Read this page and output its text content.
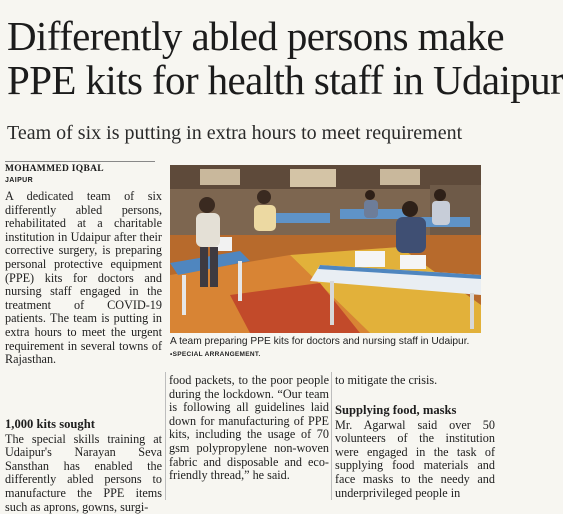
Differently abled persons make
PPE kits for health staff in Udaipur
Team of six is putting in extra hours to meet requirement
MOHAMMED IQBAL
JAIPUR
A dedicated team of six differently abled persons, rehabilitated at a charitable institution in Udaipur after their corrective surgery, is preparing personal protective equipment (PPE) kits for doctors and nursing staff engaged in the treatment of COVID-19 patients. The team is putting in extra hours to meet the urgent requirement in several towns of Rajasthan.
1,000 kits sought
The special skills training at Udaipur's Narayan Seva Sansthan has enabled the differently abled persons to manufacture the PPE items such as aprons, gowns, surgi-
A team preparing PPE kits for doctors and nursing staff in Udaipur. •SPECIAL ARRANGEMENT.
food packets, to the poor people during the lockdown. “Our team is following all guidelines laid down for manufacturing of PPE kits, including the usage of 70 gsm polypropylene non-woven fabric and disposable and eco-friendly thread,” he said.
to mitigate the crisis.
Supplying food, masks
Mr. Agarwal said over 50 volunteers of the institution were engaged in the task of supplying food materials and face masks to the needy and underprivileged people in
